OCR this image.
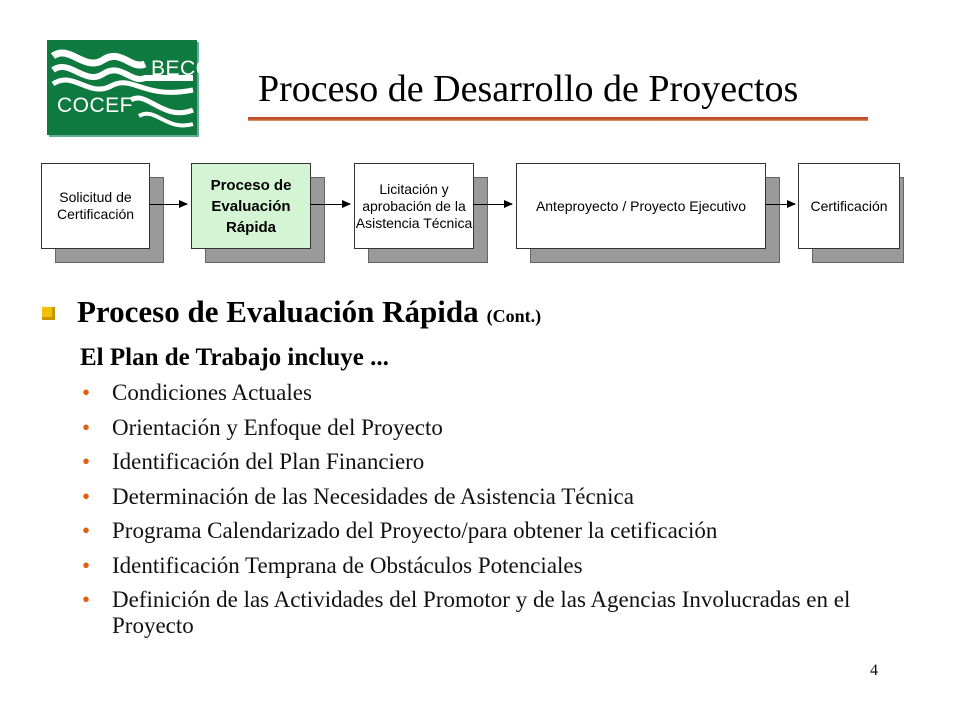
BECC
COCEF	Proceso de Desarrollo de Proyectos
Solicitud de Certificación
Proceso de Evaluación Rápida
Licitación y aprobación de la Asistencia Técnica
Anteproyecto / Proyecto Ejecutivo	Certificación
Proceso de Evaluación Rápida (Cont.)
El Plan de Trabajo incluye ...
• Condiciones Actuales
• Orientación y Enfoque del Proyecto
• Identificación del Plan Financiero
• Determinación de las Necesidades de Asistencia Técnica
• Programa Calendarizado del Proyecto/para obtener la cetificación
• Identificación Temprana de Obstáculos Potenciales
• Definición de las Actividades del Promotor y de las Agencias Involucradas en el Proyecto
4
